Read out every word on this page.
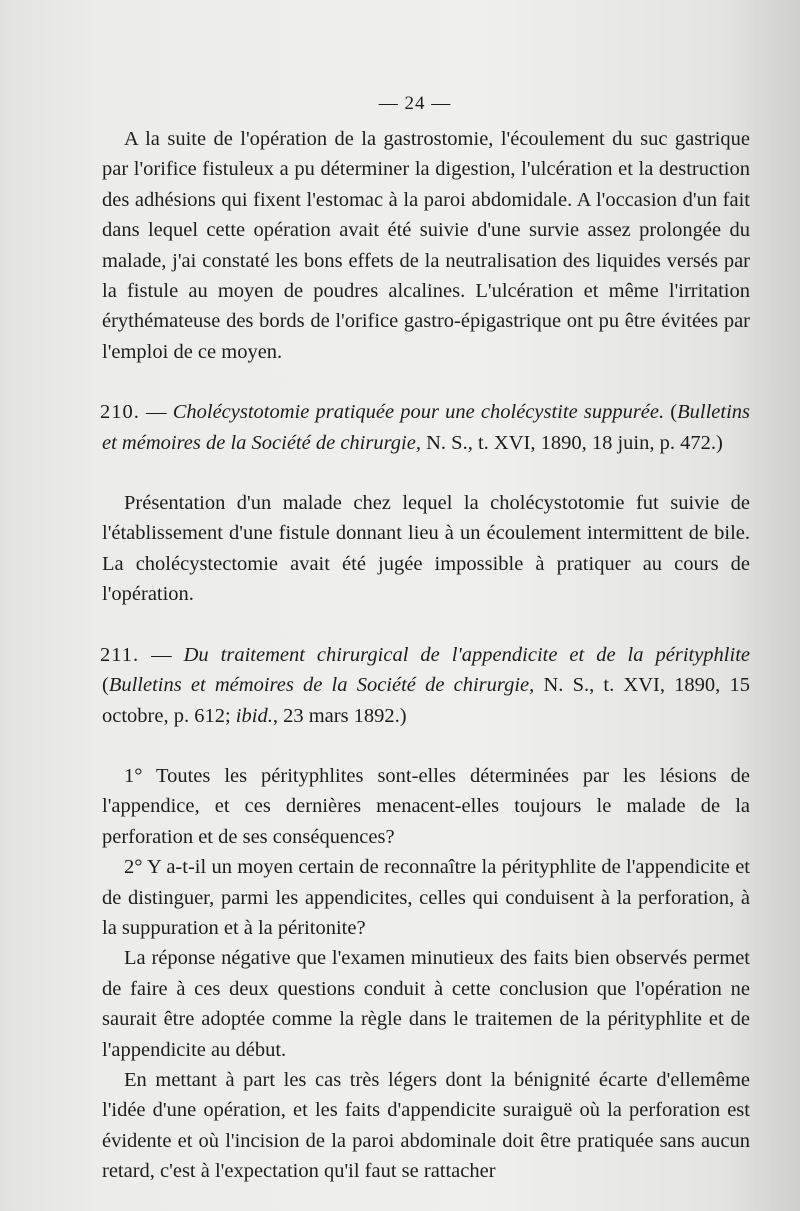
— 24 —

A la suite de l'opération de la gastrostomie, l'écoulement du suc gastrique par l'orifice fistuleux a pu déterminer la digestion, l'ulcération et la destruction des adhésions qui fixent l'estomac à la paroi abdomidale. A l'occasion d'un fait dans lequel cette opération avait été suivie d'une survie assez prolongée du malade, j'ai constaté les bons effets de la neutralisation des liquides versés par la fistule au moyen de poudres alcalines. L'ulcération et même l'irritation érythémateuse des bords de l'orifice gastro-épigastrique ont pu être évitées par l'emploi de ce moyen.

210. — Cholécystotomie pratiquée pour une cholécystite suppurée. (Bulletins et mémoires de la Société de chirurgie, N. S., t. XVI, 1890, 18 juin, p. 472.)

Présentation d'un malade chez lequel la cholécystotomie fut suivie de l'établissement d'une fistule donnant lieu à un écoulement intermittent de bile. La cholécystectomie avait été jugée impossible à pratiquer au cours de l'opération.

211. — Du traitement chirurgical de l'appendicite et de la pérityphlite (Bulletins et mémoires de la Société de chirurgie, N. S., t. XVI, 1890, 15 octobre, p. 612; ibid., 23 mars 1892.)

1° Toutes les pérityphlites sont-elles déterminées par les lésions de l'appendice, et ces dernières menacent-elles toujours le malade de la perforation et de ses conséquences?

2° Y a-t-il un moyen certain de reconnaître la pérityphlite de l'appendicite et de distinguer, parmi les appendicites, celles qui conduisent à la perforation, à la suppuration et à la péritonite?

La réponse négative que l'examen minutieux des faits bien observés permet de faire à ces deux questions conduit à cette conclusion que l'opération ne saurait être adoptée comme la règle dans le traitemen de la pérityphlite et de l'appendicite au début.

En mettant à part les cas très légers dont la bénignité écarte d'ellemême l'idée d'une opération, et les faits d'appendicite suraiguë où la perforation est évidente et où l'incision de la paroi abdominale doit être pratiquée sans aucun retard, c'est à l'expectation qu'il faut se rattacher
